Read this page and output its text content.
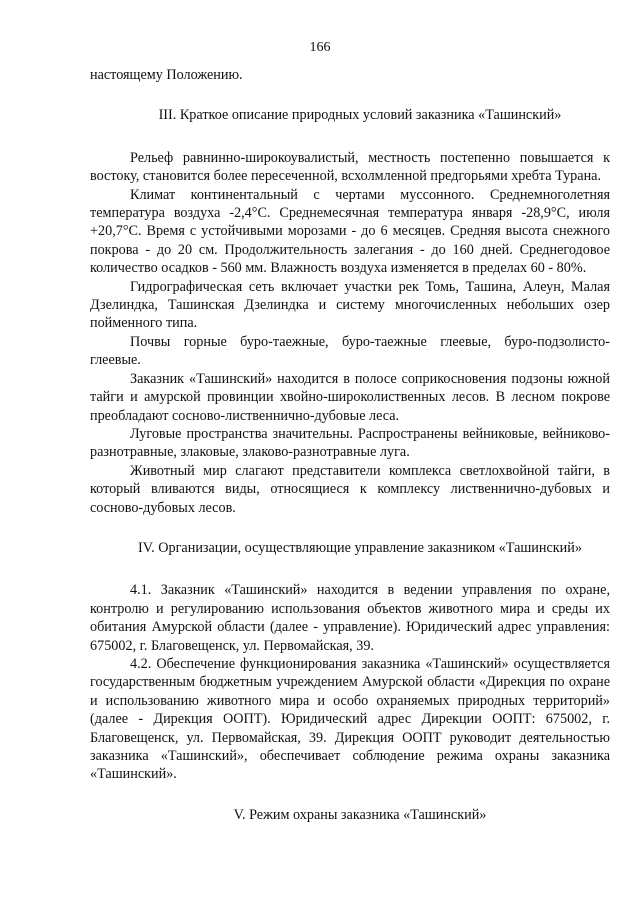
166

настоящему Положению.

III. Краткое описание природных условий заказника «Ташинский»

Рельеф равнинно-широкоувалистый, местность постепенно повышается к востоку, становится более пересеченной, всхолмленной предгорьями хребта Турана.

Климат континентальный с чертами муссонного. Среднемноголетняя температура воздуха -2,4°С. Среднемесячная температура января -28,9°С, июля +20,7°С. Время с устойчивыми морозами - до 6 месяцев. Средняя высота снежного покрова - до 20 см. Продолжительность залегания - до 160 дней. Среднегодовое количество осадков - 560 мм. Влажность воздуха изменяется в пределах 60 - 80%.

Гидрографическая сеть включает участки рек Томь, Ташина, Алеун, Малая Дзелиндка, Ташинская Дзелиндка и систему многочисленных небольших озер пойменного типа.

Почвы горные буро-таежные, буро-таежные глеевые, буро-подзолисто-глеевые.

Заказник «Ташинский» находится в полосе соприкосновения подзоны южной тайги и амурской провинции хвойно-широколиственных лесов. В лесном покрове преобладают сосново-лиственнично-дубовые леса.

Луговые пространства значительны. Распространены вейниковые, вейниково-разнотравные, злаковые, злаково-разнотравные луга.

Животный мир слагают представители комплекса светлохвойной тайги, в который вливаются виды, относящиеся к комплексу лиственнично-дубовых и сосново-дубовых лесов.

IV. Организации, осуществляющие управление заказником «Ташинский»

4.1. Заказник «Ташинский» находится в ведении управления по охране, контролю и регулированию использования объектов животного мира и среды их обитания Амурской области (далее - управление). Юридический адрес управления: 675002, г. Благовещенск, ул. Первомайская, 39.

4.2. Обеспечение функционирования заказника «Ташинский» осуществляется государственным бюджетным учреждением Амурской области «Дирекция по охране и использованию животного мира и особо охраняемых природных территорий» (далее - Дирекция ООПТ). Юридический адрес Дирекции ООПТ: 675002, г. Благовещенск, ул. Первомайская, 39. Дирекция ООПТ руководит деятельностью заказника «Ташинский», обеспечивает соблюдение режима охраны заказника «Ташинский».

V. Режим охраны заказника «Ташинский»
